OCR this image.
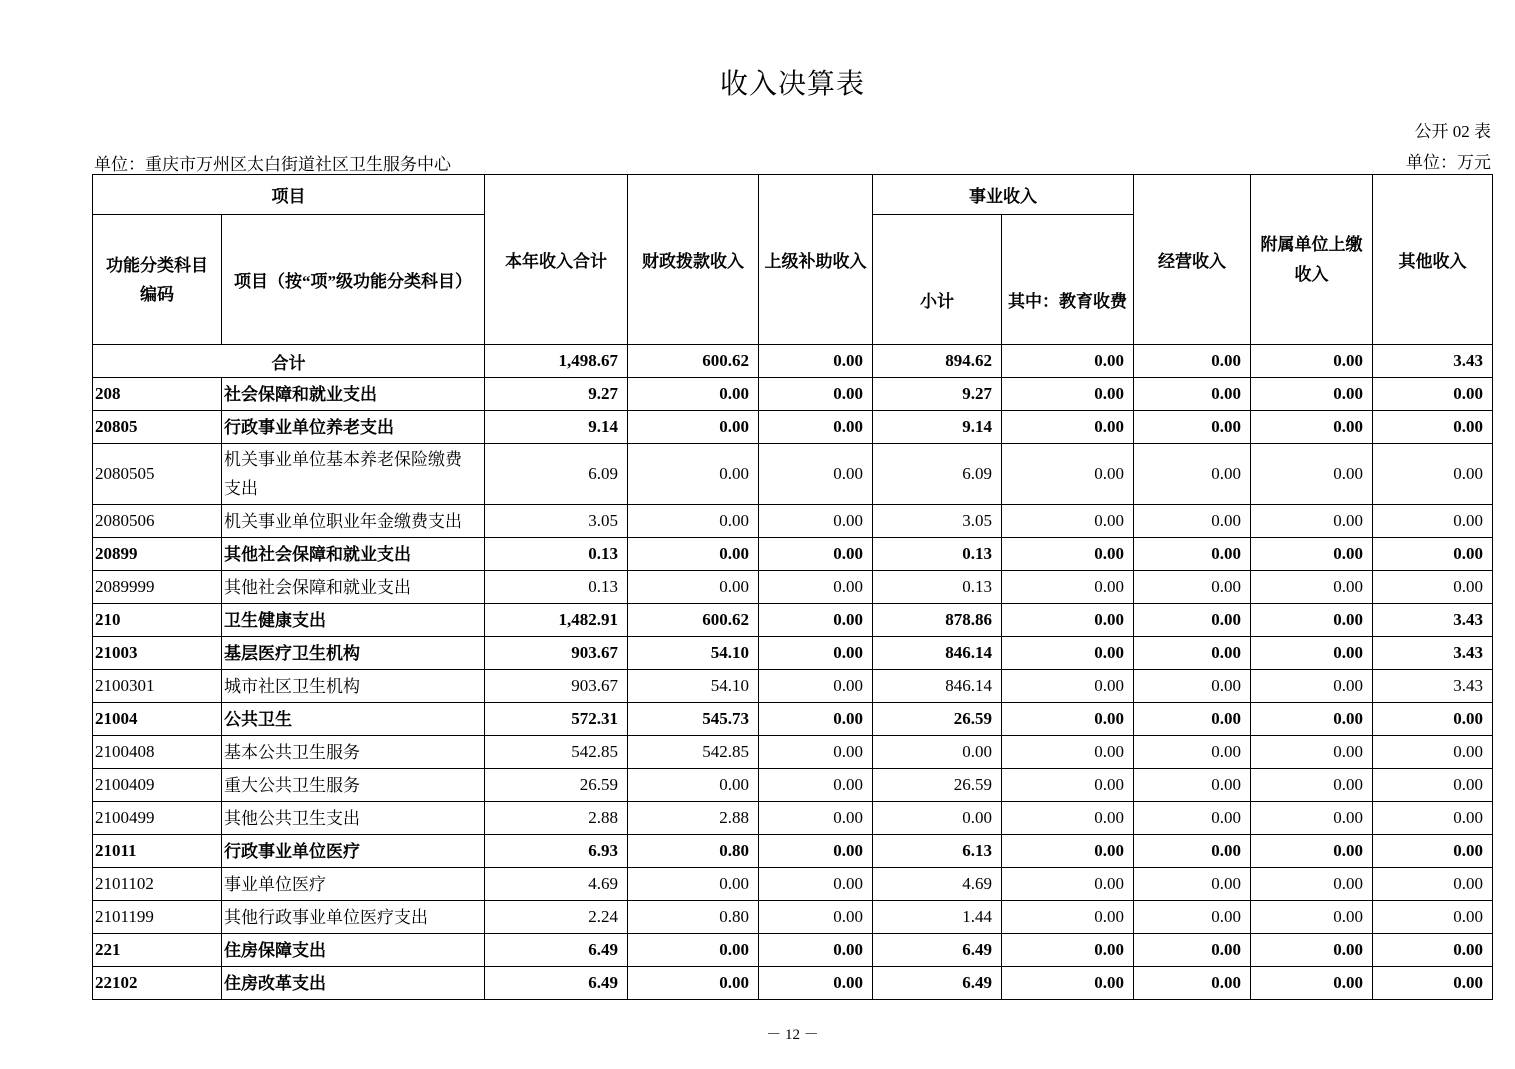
收入决算表
公开 02 表
单位：重庆市万州区太白街道社区卫生服务中心	单位：万元
项目		本年收入合计	财政拨款收入	上级补助收入	事业收入		经营收入	附属单位上缴收入	其他收入
功能分类科目编码	项目（按“项”级功能分类科目）				小计	其中：教育收费			
合计		1,498.67	600.62	0.00	894.62	0.00	0.00	0.00	3.43
208	社会保障和就业支出	9.27	0.00	0.00	9.27	0.00	0.00	0.00	0.00
20805	行政事业单位养老支出	9.14	0.00	0.00	9.14	0.00	0.00	0.00	0.00
2080505	机关事业单位基本养老保险缴费支出	6.09	0.00	0.00	6.09	0.00	0.00	0.00	0.00
2080506	机关事业单位职业年金缴费支出	3.05	0.00	0.00	3.05	0.00	0.00	0.00	0.00
20899	其他社会保障和就业支出	0.13	0.00	0.00	0.13	0.00	0.00	0.00	0.00
2089999	其他社会保障和就业支出	0.13	0.00	0.00	0.13	0.00	0.00	0.00	0.00
210	卫生健康支出	1,482.91	600.62	0.00	878.86	0.00	0.00	0.00	3.43
21003	基层医疗卫生机构	903.67	54.10	0.00	846.14	0.00	0.00	0.00	3.43
2100301	城市社区卫生机构	903.67	54.10	0.00	846.14	0.00	0.00	0.00	3.43
21004	公共卫生	572.31	545.73	0.00	26.59	0.00	0.00	0.00	0.00
2100408	基本公共卫生服务	542.85	542.85	0.00	0.00	0.00	0.00	0.00	0.00
2100409	重大公共卫生服务	26.59	0.00	0.00	26.59	0.00	0.00	0.00	0.00
2100499	其他公共卫生支出	2.88	2.88	0.00	0.00	0.00	0.00	0.00	0.00
21011	行政事业单位医疗	6.93	0.80	0.00	6.13	0.00	0.00	0.00	0.00
2101102	事业单位医疗	4.69	0.00	0.00	4.69	0.00	0.00	0.00	0.00
2101199	其他行政事业单位医疗支出	2.24	0.80	0.00	1.44	0.00	0.00	0.00	0.00
221	住房保障支出	6.49	0.00	0.00	6.49	0.00	0.00	0.00	0.00
22102	住房改革支出	6.49	0.00	0.00	6.49	0.00	0.00	0.00	0.00
－ 12 －
